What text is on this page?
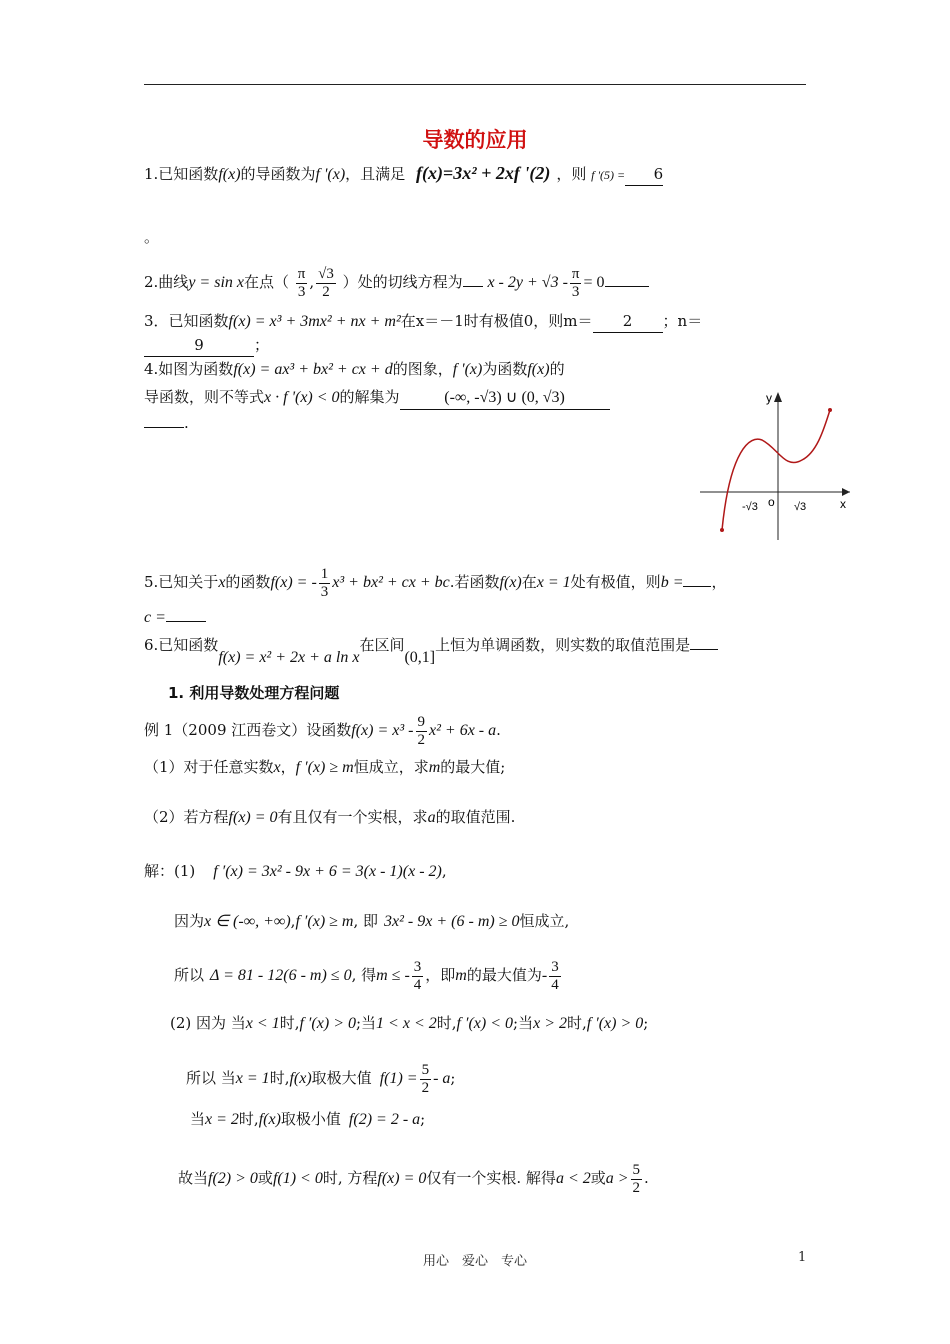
导数的应用
1.已知函数f(x)的导函数为f '(x)，且满足 f(x)=3x² + 2xf '(2) ，则 f '(5) = 6
。
2.曲线y = sin x在点（ $\frac{\pi}{3}$ , $\frac{√3}{2}$ ）处的切线方程为 $x - 2y + √3 - \frac{\pi}{3} = 0$
3．已知函数f(x) = x³ + 3mx² + nx + m²在x＝－1时有极值0，则m＝ 2 ；n＝
9	；
4.如图为函数f(x) = ax³ + bx² + cx + d的图象，f '(x)为函数f(x)的
导函数，则不等式x · f '(x) < 0的解集为	(-∞, -√3) ∪ (0, √3)
.
y
x
o
-√3	√3
5.已知关于x的函数f(x) = - $\frac{1}{3} x^3 + bx^2$ + cx + bc.若函数f(x)在x = 1处有极值，则b = ，
c =
6.已知函数f(x) = x² + 2x + a ln x在区间(0,1]上恒为单调函数，则实数的取值范围是
1. 利用导数处理方程问题
例 1（2009 江西卷文）设函数$f(x) = x^3 - \frac{9}{2} x^2 + 6x - a$.
（1）对于任意实数x，f ′(x) ≥ m恒成立，求m的最大值;
（2）若方程f(x) = 0有且仅有一个实根，求a的取值范围.
解：(1) f ′(x) = 3x² - 9x + 6 = 3(x - 1)(x - 2),
因为x ∈ (-∞, +∞),f ′(x) ≥ m, 即 3x² - 9x + (6 - m) ≥ 0恒成立,
所以 Δ = 81 - 12(6 - m) ≤ 0, 得m ≤ - $\frac{3}{4}$ ，即m的最大值为- $\frac{3}{4}$
(2) 因为 当x < 1时,f ′(x) > 0;当1 < x < 2时,f ′(x) < 0;当x > 2时,f ′(x) > 0;
所以 当x = 1时,f(x)取极大值 $f(1) = \frac{5}{2} - a$;
当x = 2时,f(x)取极小值 f(2) = 2 - a;
故当f(2) > 0或f(1) < 0时, 方程f(x) = 0仅有一个实根. 解得a < 2或$a > \frac{5}{2}$ .
用心　爱心　专心	1
